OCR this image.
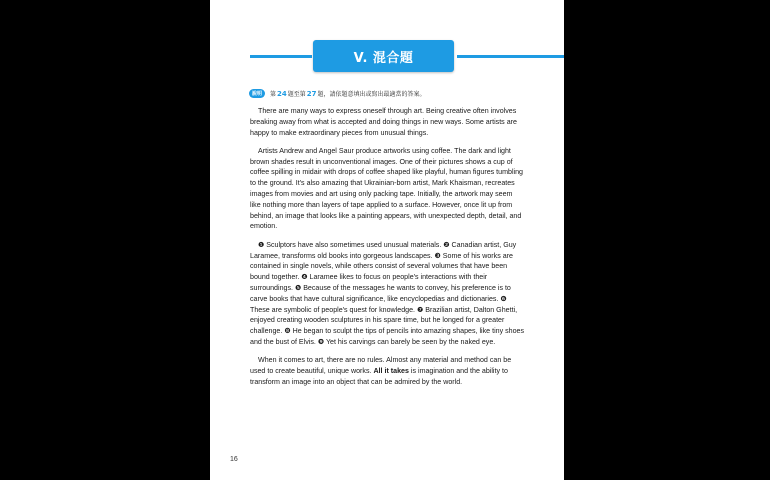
V. 混合題
說明	第 24 題至第 27 題，請依題意填出或寫出最適當的答案。

There are many ways to express oneself through art. Being creative often involves breaking away from what is accepted and doing things in new ways. Some artists are happy to make extraordinary pieces from unusual things.

Artists Andrew and Angel Saur produce artworks using coffee. The dark and light brown shades result in unconventional images. One of their pictures shows a cup of coffee spilling in midair with drops of coffee shaped like playful, human figures tumbling to the ground. It's also amazing that Ukrainian-born artist, Mark Khaisman, recreates images from movies and art using only packing tape. Initially, the artwork may seem like nothing more than layers of tape applied to a surface. However, once lit up from behind, an image that looks like a painting appears, with unexpected depth, detail, and emotion.

❶ Sculptors have also sometimes used unusual materials. ❷ Canadian artist, Guy Laramee, transforms old books into gorgeous landscapes. ❸ Some of his works are contained in single novels, while others consist of several volumes that have been bound together. ❹ Laramee likes to focus on people's interactions with their surroundings. ❺ Because of the messages he wants to convey, his preference is to carve books that have cultural significance, like encyclopedias and dictionaries. ❻ These are symbolic of people's quest for knowledge. ❼ Brazilian artist, Dalton Ghetti, enjoyed creating wooden sculptures in his spare time, but he longed for a greater challenge. ❽ He began to sculpt the tips of pencils into amazing shapes, like tiny shoes and the bust of Elvis. ❾ Yet his carvings can barely be seen by the naked eye.

When it comes to art, there are no rules. Almost any material and method can be used to create beautiful, unique works. All it takes is imagination and the ability to transform an image into an object that can be admired by the world.

16
